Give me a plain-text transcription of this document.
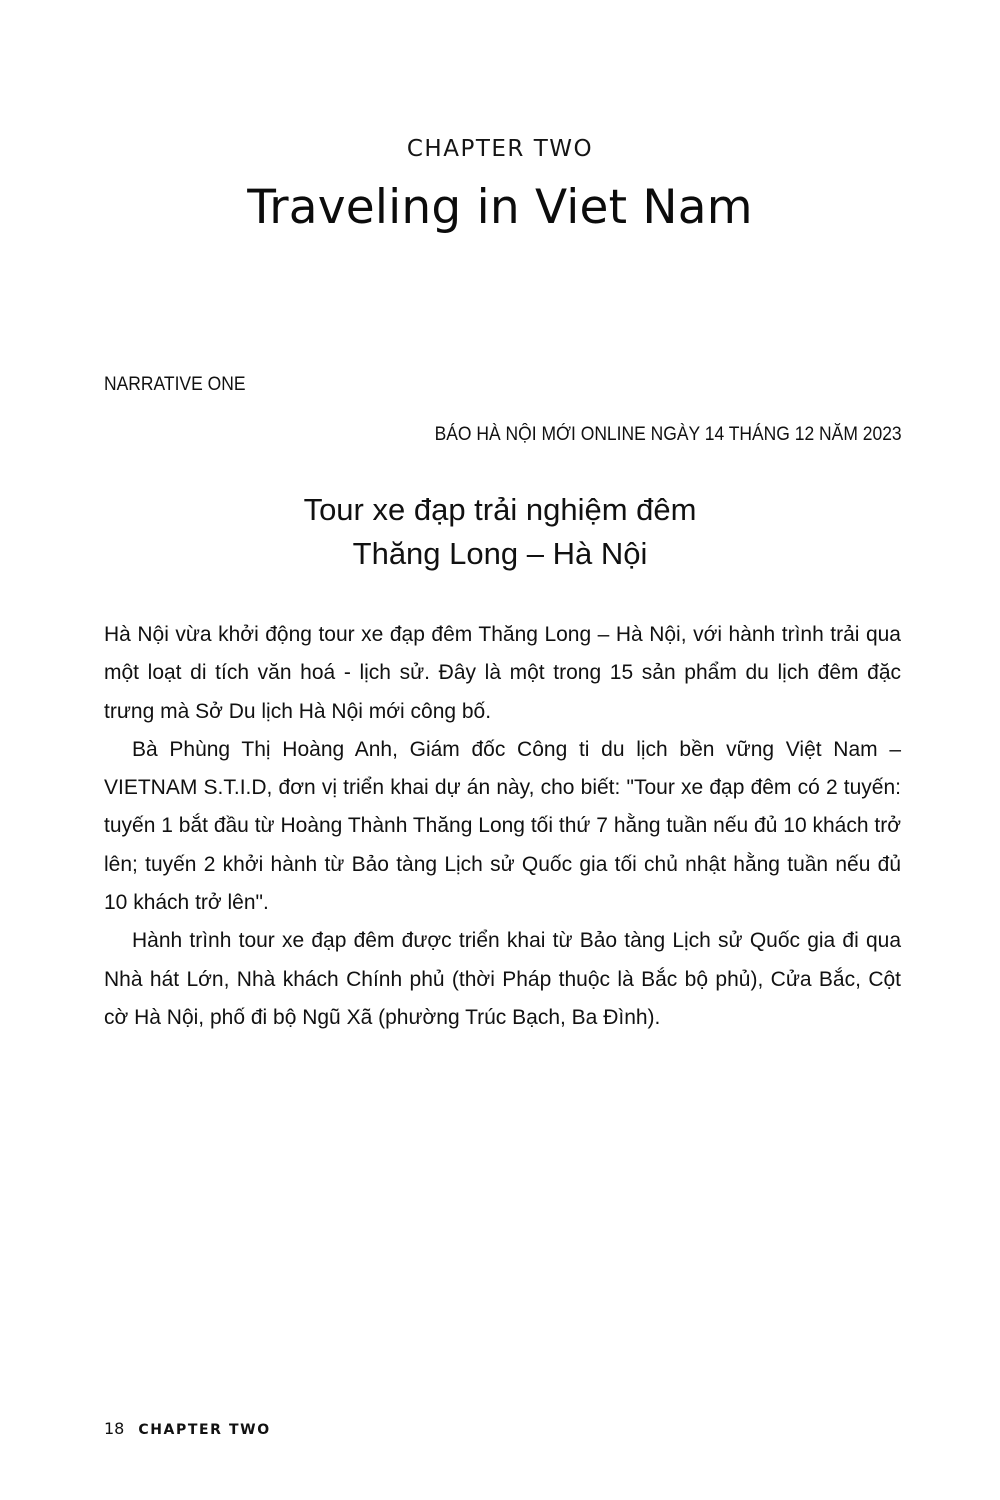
CHAPTER TWO
Traveling in Viet Nam
NARRATIVE ONE
BÁO HÀ NỘI MỚI ONLINE NGÀY 14 THÁNG 12 NĂM 2023
Tour xe đạp trải nghiệm đêm
Thăng Long – Hà Nội

Hà Nội vừa khởi động tour xe đạp đêm Thăng Long – Hà Nội, với hành trình trải qua một loạt di tích văn hoá - lịch sử. Đây là một trong 15 sản phẩm du lịch đêm đặc trưng mà Sở Du lịch Hà Nội mới công bố.

Bà Phùng Thị Hoàng Anh, Giám đốc Công ti du lịch bền vững Việt Nam – VIETNAM S.T.I.D, đơn vị triển khai dự án này, cho biết: "Tour xe đạp đêm có 2 tuyến: tuyến 1 bắt đầu từ Hoàng Thành Thăng Long tối thứ 7 hằng tuần nếu đủ 10 khách trở lên; tuyến 2 khởi hành từ Bảo tàng Lịch sử Quốc gia tối chủ nhật hằng tuần nếu đủ 10 khách trở lên".

Hành trình tour xe đạp đêm được triển khai từ Bảo tàng Lịch sử Quốc gia đi qua Nhà hát Lớn, Nhà khách Chính phủ (thời Pháp thuộc là Bắc bộ phủ), Cửa Bắc, Cột cờ Hà Nội, phố đi bộ Ngũ Xã (phường Trúc Bạch, Ba Đình).

18 CHAPTER TWO
